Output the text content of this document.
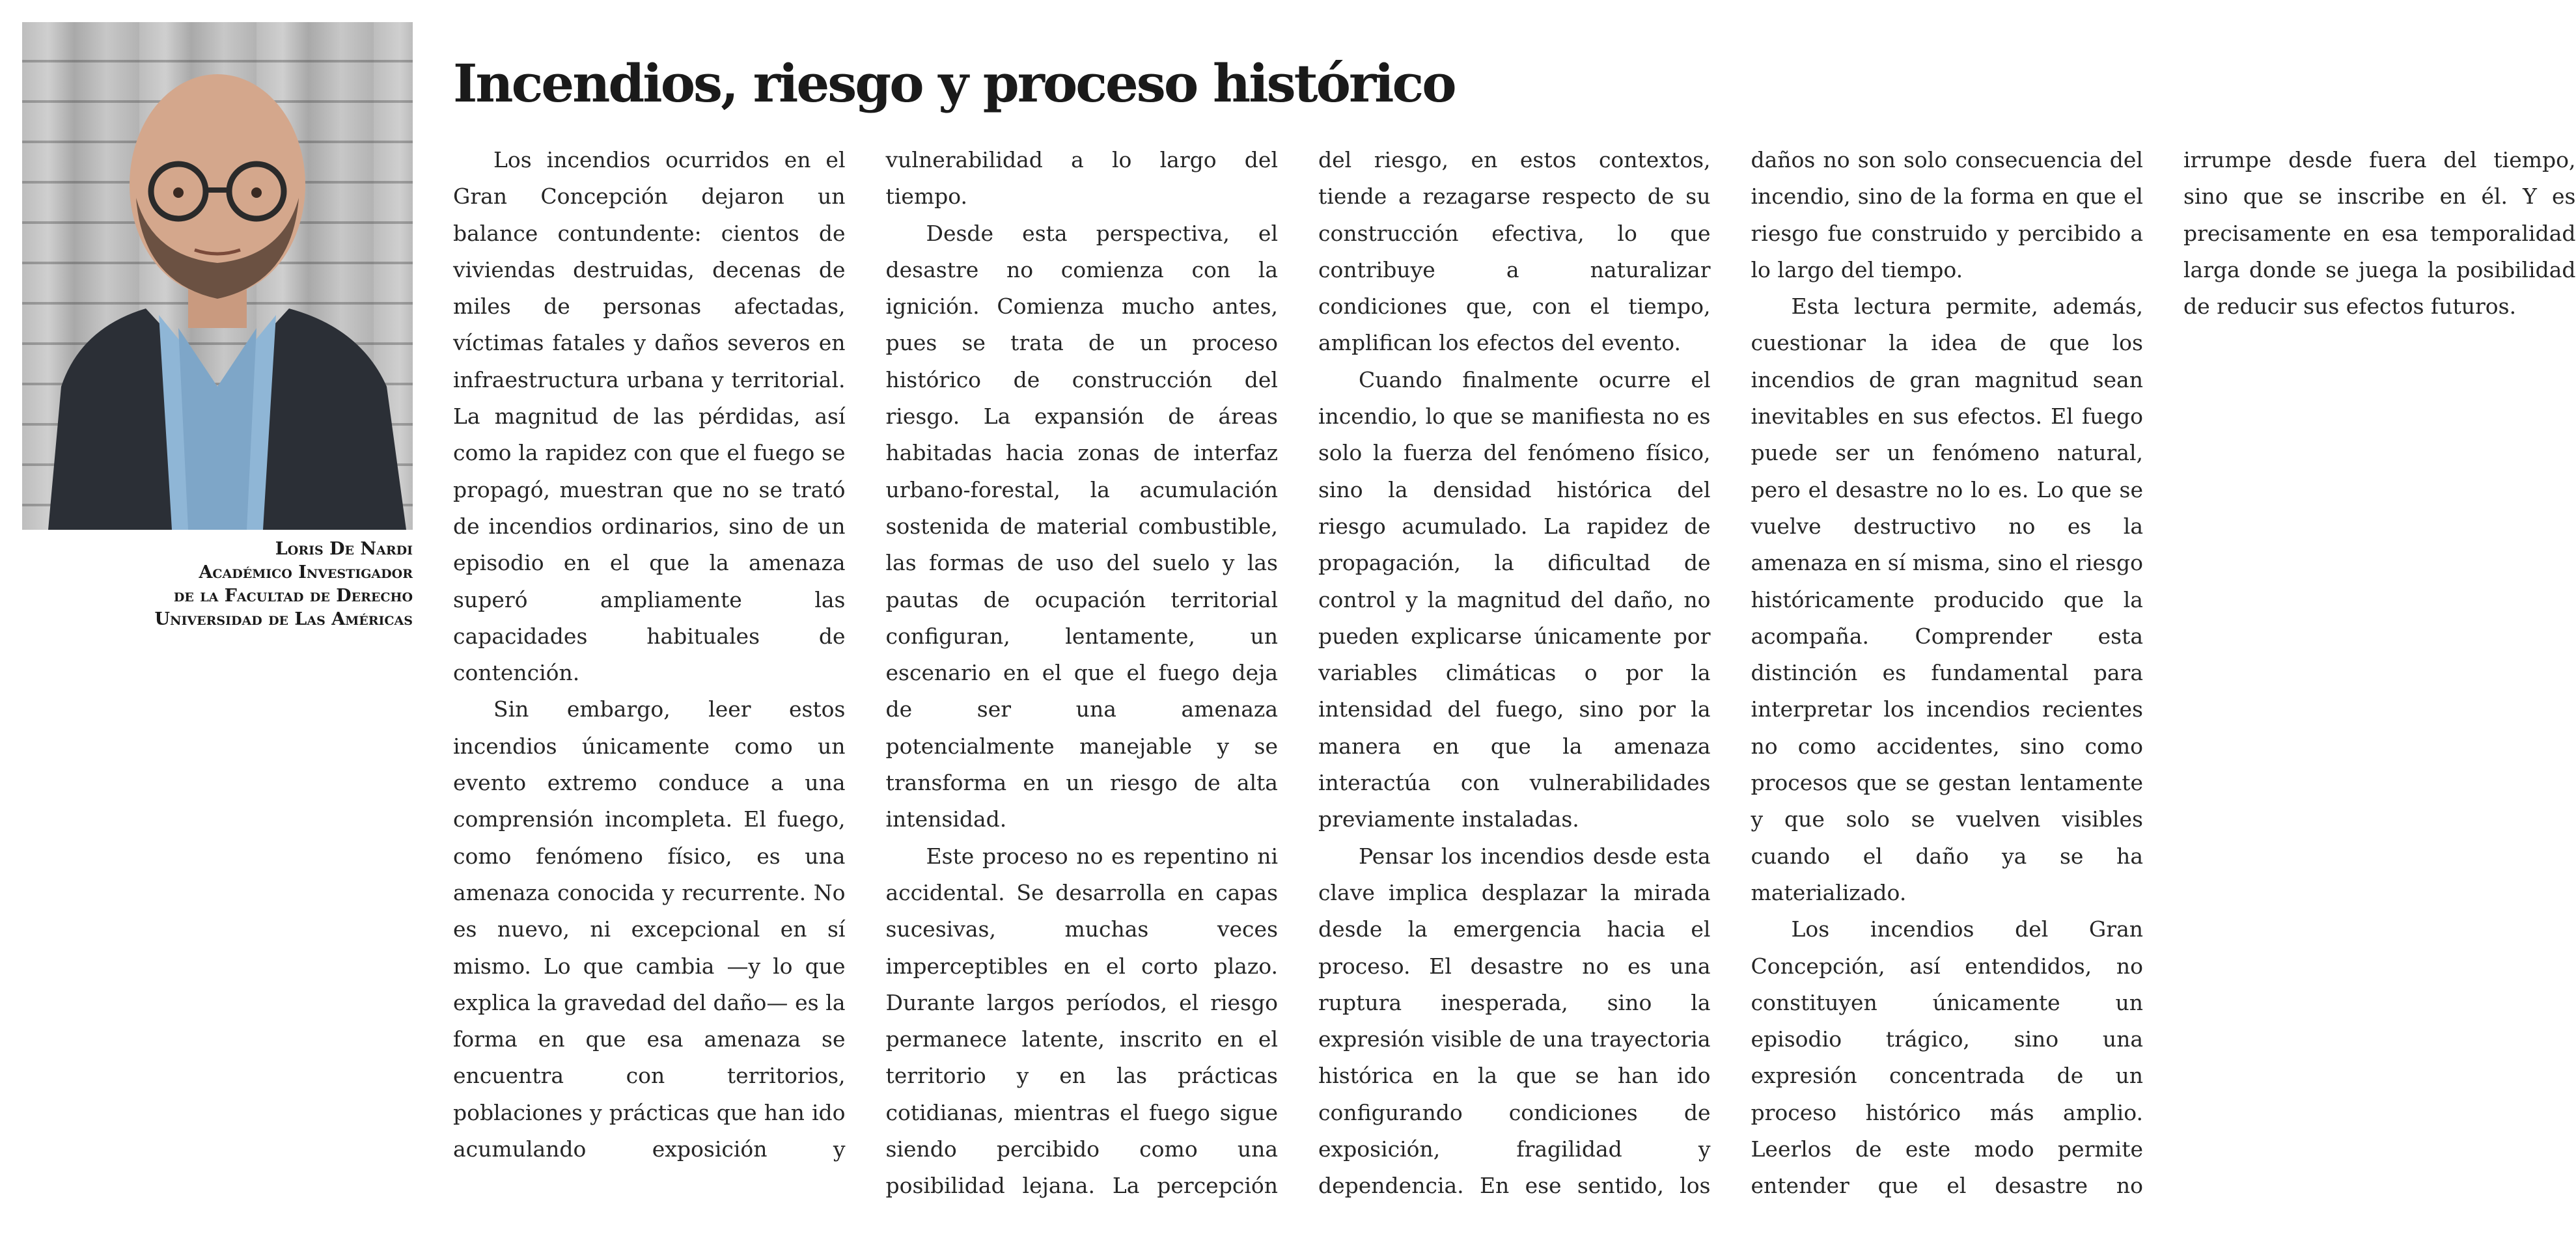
Loris De Nardi
Académico Investigador
de la Facultad de Derecho
Universidad de Las Américas
Incendios, riesgo y proceso histórico

Los incendios ocurridos en el Gran Concepción dejaron un balance contundente: cientos de viviendas destruidas, decenas de miles de personas afectadas, víctimas fatales y daños severos en infraestructura urbana y territorial. La magnitud de las pérdidas, así como la rapidez con que el fuego se propagó, muestran que no se trató de incendios ordinarios, sino de un episodio en el que la amenaza superó ampliamente las capacidades habituales de contención.

Sin embargo, leer estos incendios únicamente como un evento extremo conduce a una comprensión incompleta. El fuego, como fenómeno físico, es una amenaza conocida y recurrente. No es nuevo, ni excepcional en sí mismo. Lo que cambia —y lo que explica la gravedad del daño— es la forma en que esa amenaza se encuentra con territorios, poblaciones y prácticas que han ido acumulando exposición y vulnerabilidad a lo largo del tiempo.

Desde esta perspectiva, el desastre no comienza con la ignición. Comienza mucho antes, pues se trata de un proceso histórico de construcción del riesgo. La expansión de áreas habitadas hacia zonas de interfaz urbano-forestal, la acumulación sostenida de material combustible, las formas de uso del suelo y las pautas de ocupación territorial configuran, lentamente, un escenario en el que el fuego deja de ser una amenaza potencialmente manejable y se transforma en un riesgo de alta intensidad.

Este proceso no es repentino ni accidental. Se desarrolla en capas sucesivas, muchas veces imperceptibles en el corto plazo. Durante largos períodos, el riesgo permanece latente, inscrito en el territorio y en las prácticas cotidianas, mientras el fuego sigue siendo percibido como una posibilidad lejana. La percepción del riesgo, en estos contextos, tiende a rezagarse respecto de su construcción efectiva, lo que contribuye a naturalizar condiciones que, con el tiempo, amplifican los efectos del evento.

Cuando finalmente ocurre el incendio, lo que se manifiesta no es solo la fuerza del fenómeno físico, sino la densidad histórica del riesgo acumulado. La rapidez de propagación, la dificultad de control y la magnitud del daño, no pueden explicarse únicamente por variables climáticas o por la intensidad del fuego, sino por la manera en que la amenaza interactúa con vulnerabilidades previamente instaladas.

Pensar los incendios desde esta clave implica desplazar la mirada desde la emergencia hacia el proceso. El desastre no es una ruptura inesperada, sino la expresión visible de una trayectoria histórica en la que se han ido configurando condiciones de exposición, fragilidad y dependencia. En ese sentido, los daños no son solo consecuencia del incendio, sino de la forma en que el riesgo fue construido y percibido a lo largo del tiempo.

Esta lectura permite, además, cuestionar la idea de que los incendios de gran magnitud sean inevitables en sus efectos. El fuego puede ser un fenómeno natural, pero el desastre no lo es. Lo que se vuelve destructivo no es la amenaza en sí misma, sino el riesgo históricamente producido que la acompaña. Comprender esta distinción es fundamental para interpretar los incendios recientes no como accidentes, sino como procesos que se gestan lentamente y que solo se vuelven visibles cuando el daño ya se ha materializado.

Los incendios del Gran Concepción, así entendidos, no constituyen únicamente un episodio trágico, sino una expresión concentrada de un proceso histórico más amplio. Leerlos de este modo permite entender que el desastre no irrumpe desde fuera del tiempo, sino que se inscribe en él. Y es precisamente en esa temporalidad larga donde se juega la posibilidad de reducir sus efectos futuros.
